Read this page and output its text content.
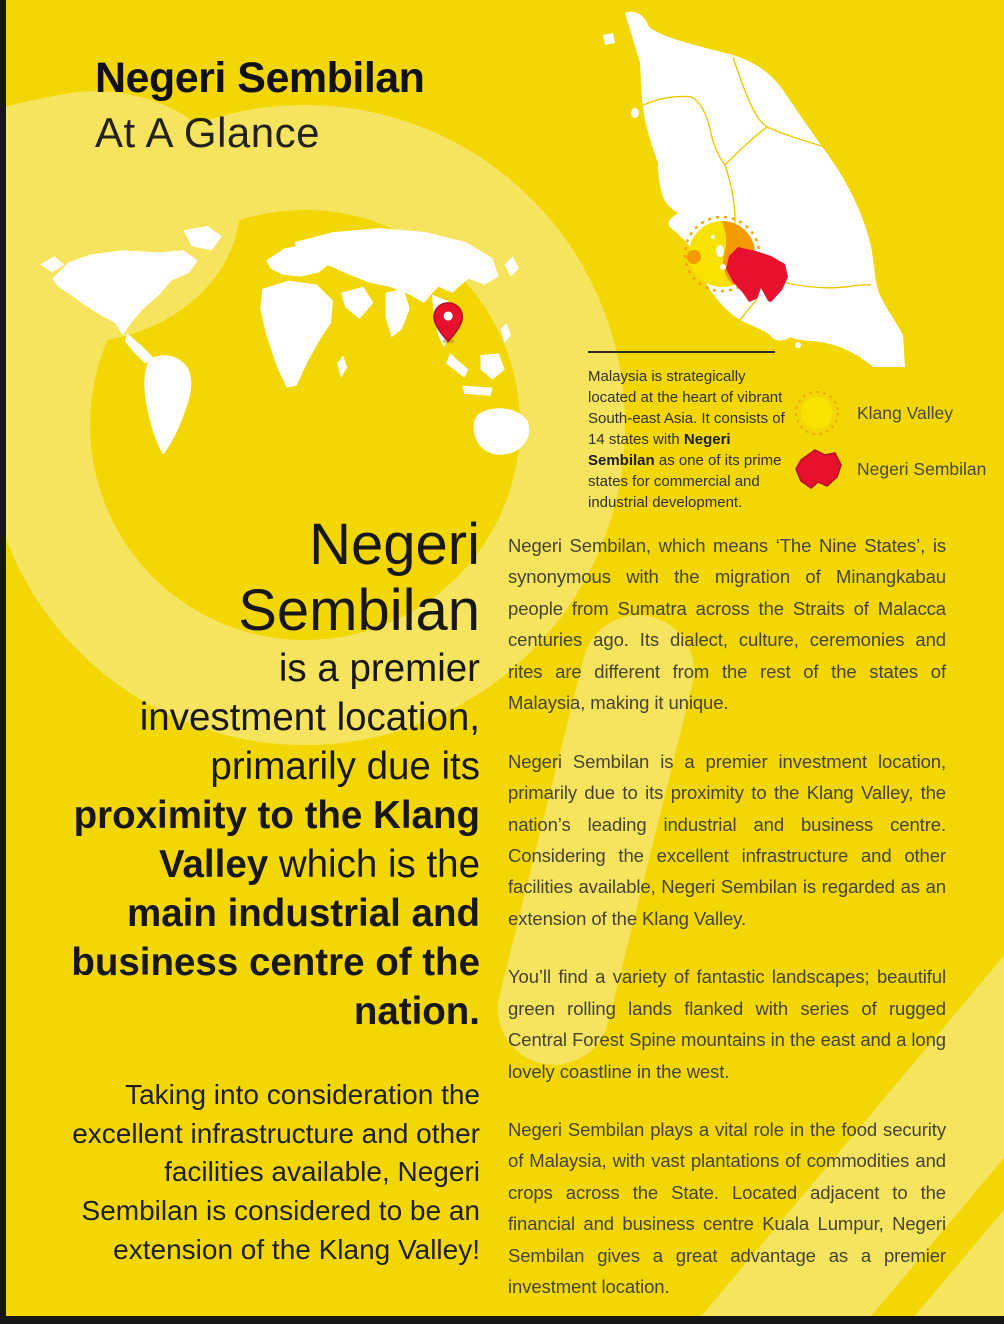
Negeri Sembilan
At A Glance

Malaysia is strategically located at the heart of vibrant South-east Asia. It consists of 14 states with Negeri Sembilan as one of its prime states for commercial and industrial development.

Klang Valley
Negeri Sembilan
Negeri
Sembilan
is a premier
investment location,
primarily due its
proximity to the Klang
Valley which is the
main industrial and
business centre of the
nation.

Taking into consideration the excellent infrastructure and other facilities available, Negeri Sembilan is considered to be an extension of the Klang Valley!

Negeri Sembilan, which means ‘The Nine States’, is synonymous with the migration of Minangkabau people from Sumatra across the Straits of Malacca centuries ago. Its dialect, culture, ceremonies and rites are different from the rest of the states of Malaysia, making it unique.

Negeri Sembilan is a premier investment location, primarily due to its proximity to the Klang Valley, the nation’s leading industrial and business centre. Considering the excellent infrastructure and other facilities available, Negeri Sembilan is regarded as an extension of the Klang Valley.

You’ll find a variety of fantastic landscapes; beautiful green rolling lands flanked with series of rugged Central Forest Spine mountains in the east and a long lovely coastline in the west.

Negeri Sembilan plays a vital role in the food security of Malaysia, with vast plantations of commodities and crops across the State. Located adjacent to the financial and business centre Kuala Lumpur, Negeri Sembilan gives a great advantage as a premier investment location.
